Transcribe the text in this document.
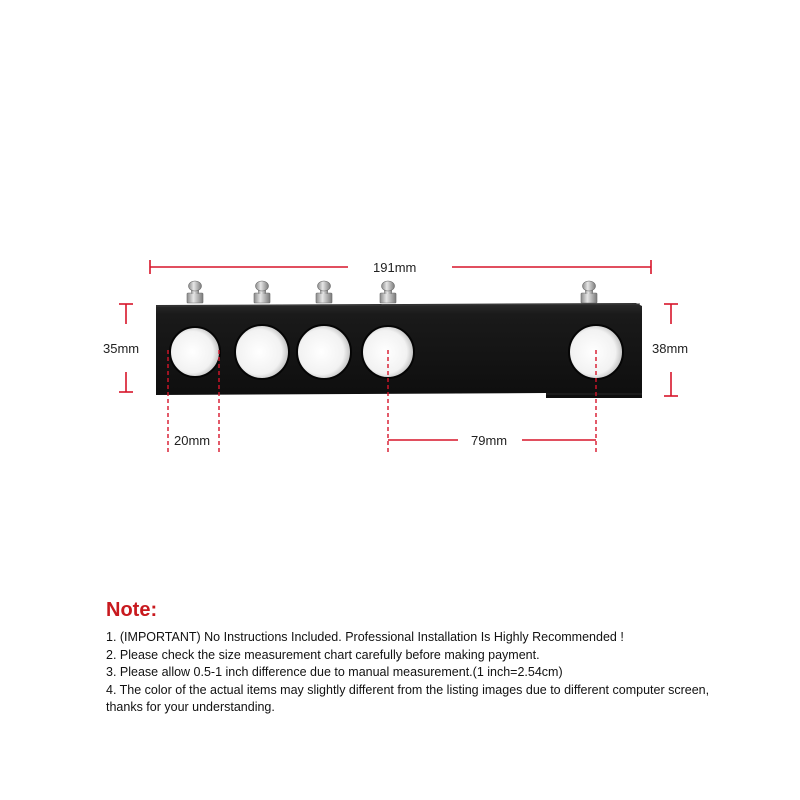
191mm
35mm	38mm
20mm	79mm
Note:

1. (IMPORTANT) No Instructions Included. Professional Installation Is Highly Recommended !

2. Please check the size measurement chart carefully before making payment.

3. Please allow 0.5-1 inch difference due to manual measurement.(1 inch=2.54cm)

4. The color of the actual items may slightly different from the listing images due to different computer screen, thanks for your understanding.
